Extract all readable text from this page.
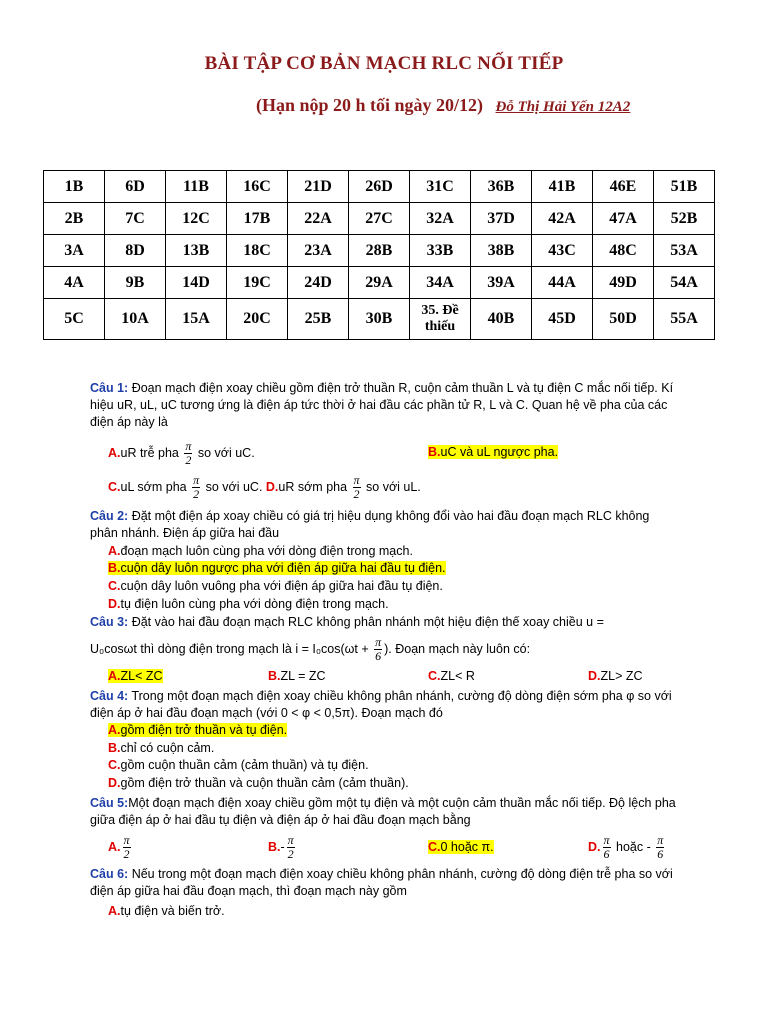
BÀI TẬP CƠ BẢN MẠCH RLC NỐI TIẾP
(Hạn nộp 20 h tối ngày 20/12) Đỗ Thị Hải Yến 12A2
1B	6D	11B	16C	21D	26D	31C	36B	41B	46E	51B
2B	7C	12C	17B	22A	27C	32A	37D	42A	47A	52B
3A	8D	13B	18C	23A	28B	33B	38B	43C	48C	53A
4A	9B	14D	19C	24D	29A	34A	39A	44A	49D	54A
5C	10A	15A	20C	25B	30B	35. Đề thiếu	40B	45D	50D	55A
Câu 1: Đoạn mạch điện xoay chiều gồm điện trở thuần R, cuộn cảm thuần L và tụ điện C mắc nối tiếp. Kí hiệu uR, uL, uC tương ứng là điện áp tức thời ở hai đầu các phần tử R, L và C. Quan hệ về pha của các điện áp này là
A.uR trễ pha $\frac{\pi}{2}$ so với uC.	B.uC và uL ngược pha.
C.uL sớm pha $\frac{\pi}{2}$ so với uC. D.uR sớm pha $\frac{\pi}{2}$ so với uL.
Câu 2: Đặt một điện áp xoay chiều có giá trị hiệu dụng không đổi vào hai đầu đoạn mạch RLC không phân nhánh. Điện áp giữa hai đầu
A.đoạn mạch luôn cùng pha với dòng điện trong mạch.
B.cuộn dây luôn ngược pha với điện áp giữa hai đầu tụ điện.
C.cuộn dây luôn vuông pha với điện áp giữa hai đầu tụ điện.
D.tụ điện luôn cùng pha với dòng điện trong mạch.
Câu 3: Đặt vào hai đầu đoạn mạch RLC không phân nhánh một hiệu điện thế xoay chiều u =
U₀cosωt thì dòng điện trong mạch là $i = I_0\cos(\omega t + \frac{\pi}{6}$ ). Đoạn mạch này luôn có:
A.ZL< ZC	B.ZL = ZC	C.ZL< R	D.ZL> ZC
Câu 4: Trong một đoạn mạch điện xoay chiều không phân nhánh, cường độ dòng điện sớm pha φ so với điện áp ở hai đầu đoạn mạch (với 0 < φ < 0,5π). Đoạn mạch đó
A.gồm điện trở thuần và tụ điện.
B.chỉ có cuộn cảm.
C.gồm cuộn thuần cảm (cảm thuần) và tụ điện.
D.gồm điện trở thuần và cuộn thuần cảm (cảm thuần).
Câu 5:Một đoạn mạch điện xoay chiều gồm một tụ điện và một cuộn cảm thuần mắc nối tiếp. Độ lệch pha giữa điện áp ở hai đầu tụ điện và điện áp ở hai đầu đoạn mạch bằng
A. $\frac{\pi}{2}$	$B.- \frac{\pi}{2}$	C.0 hoặc π.	D. $\frac{\pi}{6}$ hoặc - $\frac{\pi}{6}$
Câu 6: Nếu trong một đoạn mạch điện xoay chiều không phân nhánh, cường độ dòng điện trễ pha so với điện áp giữa hai đầu đoạn mạch, thì đoạn mạch này gồm
A.tụ điện và biến trở.
